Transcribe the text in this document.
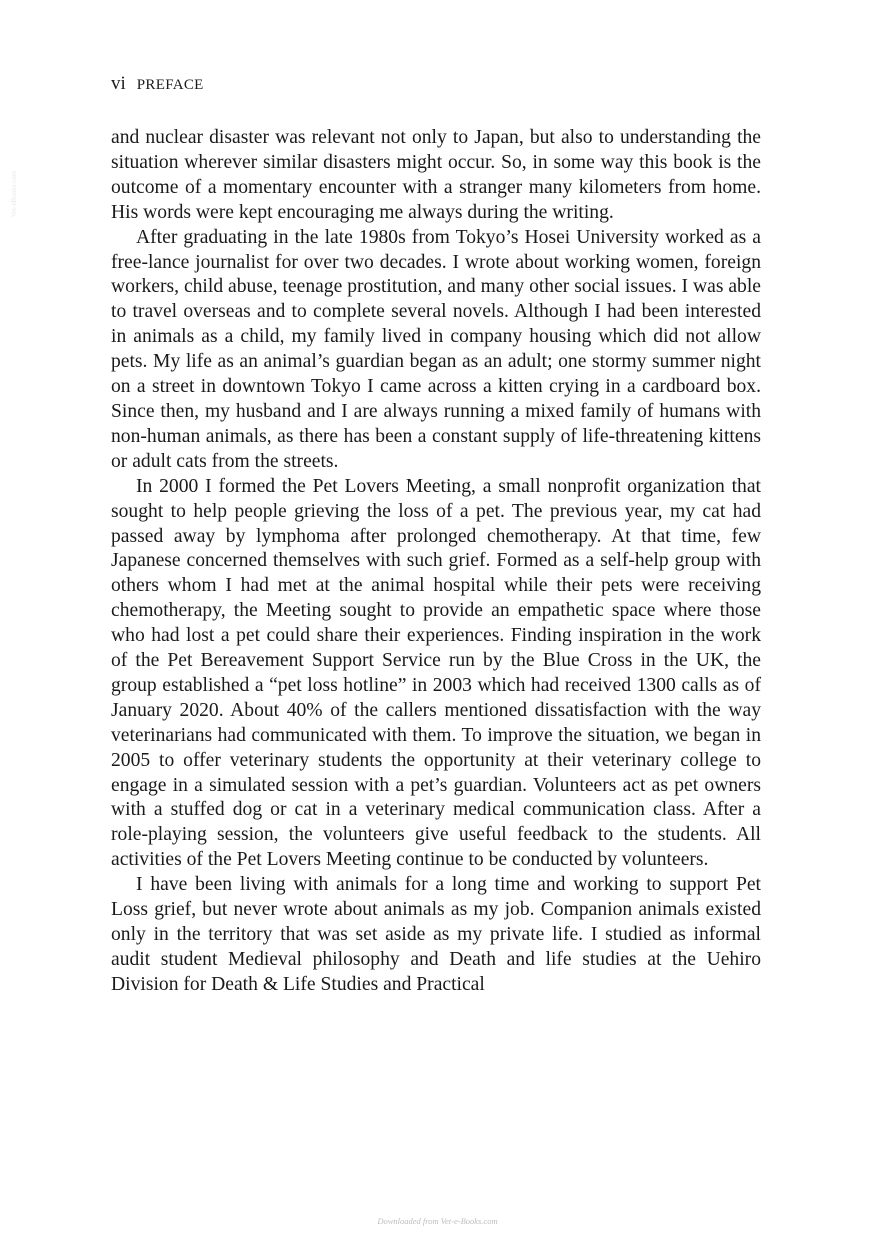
vi PREFACE
Vet-eBooks.com

and nuclear disaster was relevant not only to Japan, but also to understanding the situation wherever similar disasters might occur. So, in some way this book is the outcome of a momentary encounter with a stranger many kilometers from home. His words were kept encouraging me always during the writing.

After graduating in the late 1980s from Tokyo’s Hosei University worked as a free-lance journalist for over two decades. I wrote about working women, foreign workers, child abuse, teenage prostitution, and many other social issues. I was able to travel overseas and to complete several novels. Although I had been interested in animals as a child, my family lived in company housing which did not allow pets. My life as an animal’s guardian began as an adult; one stormy summer night on a street in downtown Tokyo I came across a kitten crying in a cardboard box. Since then, my husband and I are always running a mixed family of humans with non-human animals, as there has been a constant supply of life-threatening kittens or adult cats from the streets.

In 2000 I formed the Pet Lovers Meeting, a small nonprofit organization that sought to help people grieving the loss of a pet. The previous year, my cat had passed away by lymphoma after prolonged chemotherapy. At that time, few Japanese concerned themselves with such grief. Formed as a self-help group with others whom I had met at the animal hospital while their pets were receiving chemotherapy, the Meeting sought to provide an empathetic space where those who had lost a pet could share their experiences. Finding inspiration in the work of the Pet Bereavement Support Service run by the Blue Cross in the UK, the group established a “pet loss hotline” in 2003 which had received 1300 calls as of January 2020. About 40% of the callers mentioned dissatisfaction with the way veterinarians had communicated with them. To improve the situation, we began in 2005 to offer veterinary students the opportunity at their veterinary college to engage in a simulated session with a pet’s guardian. Volunteers act as pet owners with a stuffed dog or cat in a veterinary medical communication class. After a role-playing session, the volunteers give useful feedback to the students. All activities of the Pet Lovers Meeting continue to be conducted by volunteers.

I have been living with animals for a long time and working to support Pet Loss grief, but never wrote about animals as my job. Companion animals existed only in the territory that was set aside as my private life. I studied as informal audit student Medieval philosophy and Death and life studies at the Uehiro Division for Death & Life Studies and Practical

Downloaded from Vet-e-Books.com
